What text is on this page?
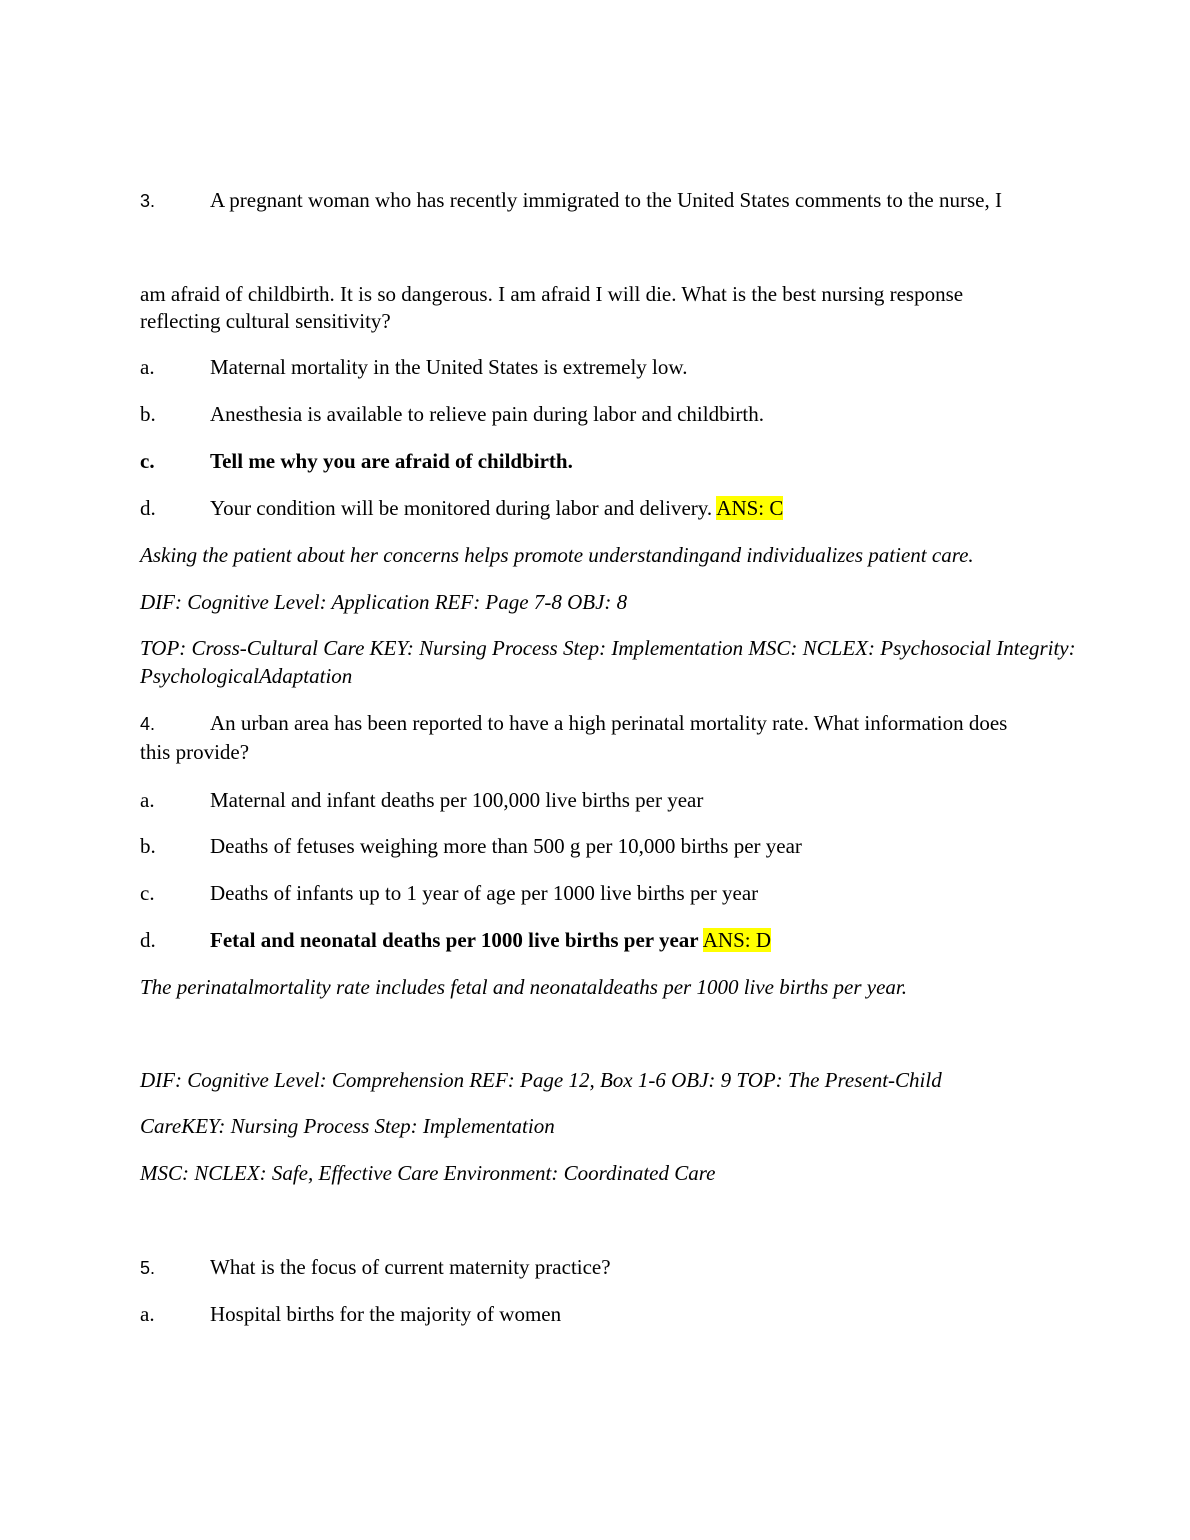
3.	A pregnant woman who has recently immigrated to the United States comments to the nurse, I
am afraid of childbirth. It is so dangerous. I am afraid I will die. What is the best nursing response
reflecting cultural sensitivity?
a.	Maternal mortality in the United States is extremely low.
b.	Anesthesia is available to relieve pain during labor and childbirth.
c.	Tell me why you are afraid of childbirth.
d.	Your condition will be monitored during labor and delivery. ANS: C
Asking the patient about her concerns helps promote understandingand individualizes patient care.
DIF: Cognitive Level: Application REF: Page 7-8 OBJ: 8
TOP: Cross-Cultural Care KEY: Nursing Process Step: Implementation MSC: NCLEX: Psychosocial Integrity:
PsychologicalAdaptation
4.	An urban area has been reported to have a high perinatal mortality rate. What information does
this provide?
a.	Maternal and infant deaths per 100,000 live births per year
b.	Deaths of fetuses weighing more than 500 g per 10,000 births per year
c.	Deaths of infants up to 1 year of age per 1000 live births per year
d.	Fetal and neonatal deaths per 1000 live births per year ANS: D
The perinatalmortality rate includes fetal and neonataldeaths per 1000 live births per year.
DIF: Cognitive Level: Comprehension REF: Page 12, Box 1-6 OBJ: 9 TOP: The Present-Child
CareKEY: Nursing Process Step: Implementation
MSC: NCLEX: Safe, Effective Care Environment: Coordinated Care
5.	What is the focus of current maternity practice?
a.	Hospital births for the majority of women
